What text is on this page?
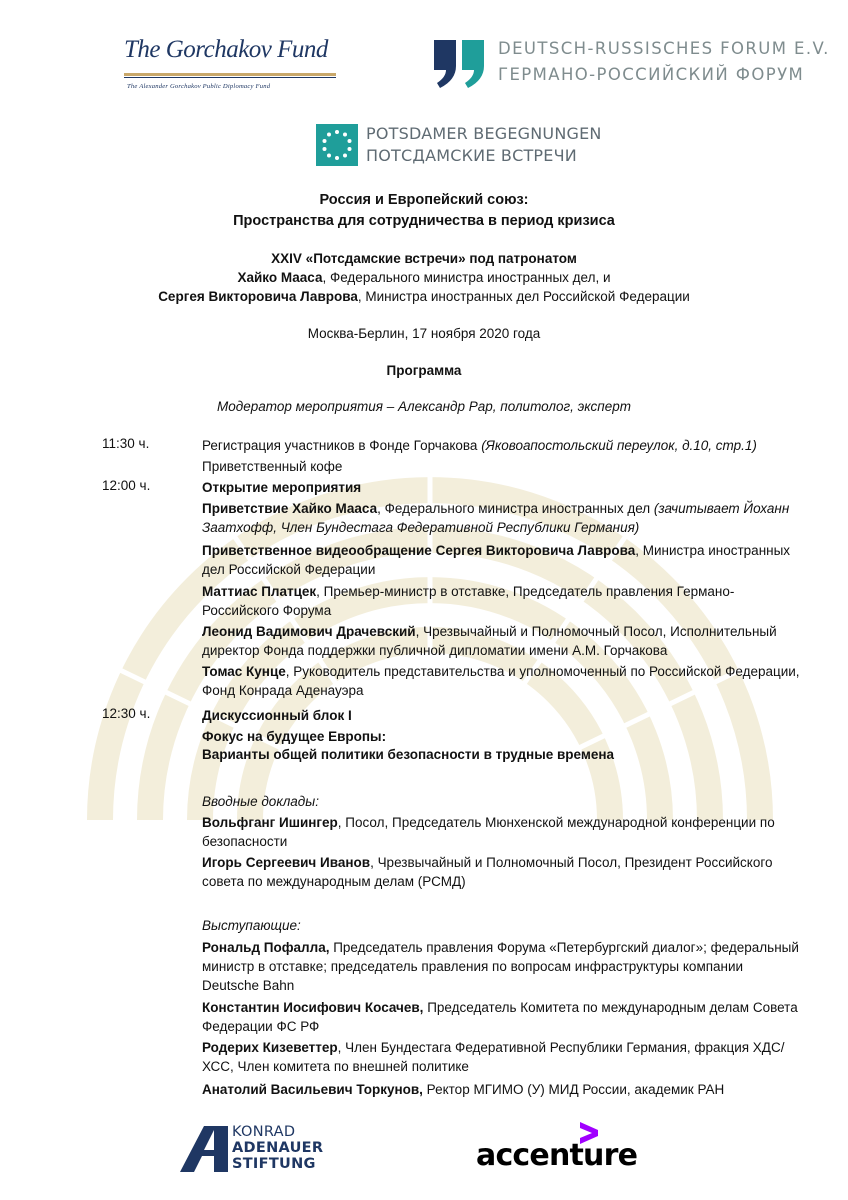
The Gorchakov Fund
The Alexander Gorchakov Public Diplomacy Fund
DEUTSCH-RUSSISCHES FORUM E.V.
ГЕРМАНО-РОССИЙСКИЙ ФОРУМ
POTSDAMER BEGEGNUNGEN
ПОТСДАМСКИЕ ВСТРЕЧИ
Россия и Европейский союз:
Пространства для сотрудничества в период кризиса
XXIV «Потсдамские встречи» под патронатом
Хайко Мааса, Федерального министра иностранных дел, и
Сергея Викторовича Лаврова, Министра иностранных дел Российской Федерации
Москва-Берлин, 17 ноября 2020 года
Программа
Модератор мероприятия – Александр Рар, политолог, эксперт
11:30 ч.	Регистрация участников в Фонде Горчакова (Яковоапостольский переулок, д.10, стр.1)

Приветственный кофе
12:00 ч.	Открытие мероприятия

Приветствие Хайко Мааса, Федерального министра иностранных дел (зачитывает Йоханн Заатхофф, Член Бундестага Федеративной Республики Германия)

Приветственное видеообращение Сергея Викторовича Лаврова, Министра иностранных дел Российской Федерации

Маттиас Платцек, Премьер-министр в отставке, Председатель правления Германо-Российского Форума

Леонид Вадимович Драчевский, Чрезвычайный и Полномочный Посол, Исполнительный директор Фонда поддержки публичной дипломатии имени А.М. Горчакова

Томас Кунце, Руководитель представительства и уполномоченный по Российской Федерации, Фонд Конрада Аденауэра

12:30 ч.	Дискуссионный блок I
Фокус на будущее Европы:
Варианты общей политики безопасности в трудные времена
Вводные доклады:

Вольфганг Ишингер, Посол, Председатель Мюнхенской международной конференции по безопасности

Игорь Сергеевич Иванов, Чрезвычайный и Полномочный Посол, Президент Российского совета по международным делам (РСМД)

Выступающие:

Рональд Пофалла, Председатель правления Форума «Петербургский диалог»; федеральный министр в отставке; председатель правления по вопросам инфраструктуры компании Deutsche Bahn

Константин Иосифович Косачев, Председатель Комитета по международным делам Совета Федерации ФС РФ

Родерих Кизеветтер, Член Бундестага Федеративной Республики Германия, фракция ХДС/ХСС, Член комитета по внешней политике

Анатолий Васильевич Торкунов, Ректор МГИМО (У) МИД России, академик РАН

KONRAD
ADENAUER
STIFTUNG	accenture
